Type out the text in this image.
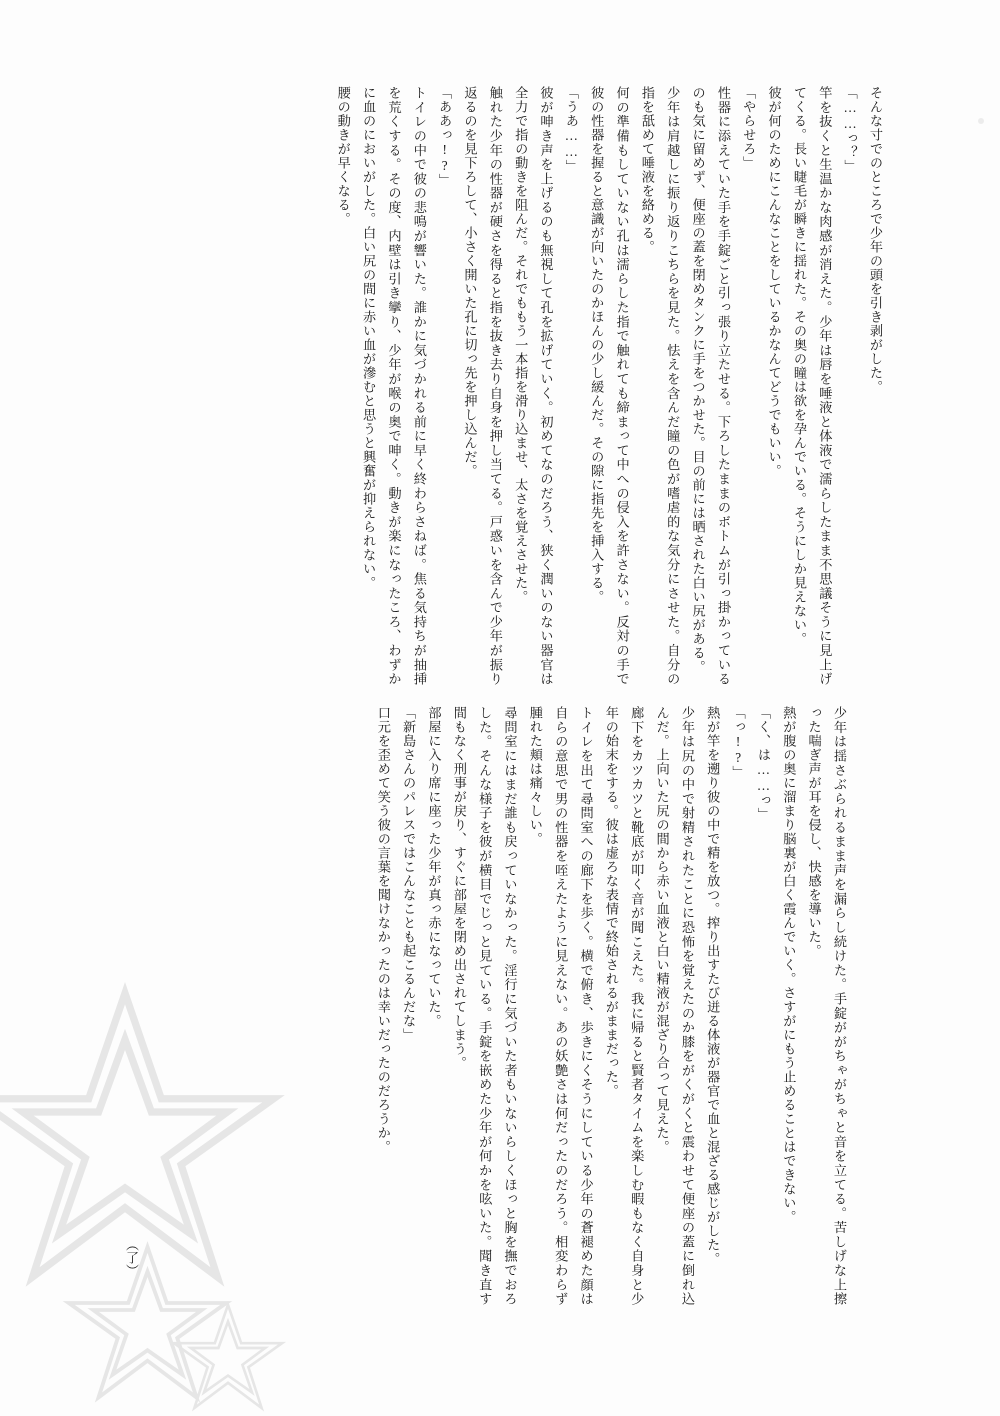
そんな寸でのところで少年の頭を引き剥がした。

「……っ？」

竿を抜くと生温かな肉感が消えた。少年は唇を唾液と体液で濡らしたまま不思議そうに見上げてくる。長い睫毛が瞬きに揺れた。その奥の瞳は欲を孕んでいる。そうにしか見えない。

彼が何のためにこんなことをしているかなんてどうでもいい。

「やらせろ」

性器に添えていた手を手錠ごと引っ張り立たせる。下ろしたままのボトムが引っ掛かっているのも気に留めず、便座の蓋を閉めタンクに手をつかせた。目の前には晒された白い尻がある。

少年は肩越しに振り返りこちらを見た。怯えを含んだ瞳の色が嗜虐的な気分にさせた。自分の指を舐めて唾液を絡める。

何の準備もしていない孔は濡らした指で触れても締まって中への侵入を許さない。反対の手で彼の性器を握ると意識が向いたのかほんの少し緩んだ。その隙に指先を挿入する。

「うあ……」

彼が呻き声を上げるのも無視して孔を拡げていく。初めてなのだろう、狭く潤いのない器官は全力で指の動きを阻んだ。それでももう一本指を滑り込ませ、太さを覚えさせた。

触れた少年の性器が硬さを得ると指を抜き去り自身を押し当てる。戸惑いを含んで少年が振り返るのを見下ろして、小さく開いた孔に切っ先を押し込んだ。

「ああっ!?」

トイレの中で彼の悲鳴が響いた。誰かに気づかれる前に早く終わらさねば。焦る気持ちが抽挿を荒くする。その度、内壁は引き攣り、少年が喉の奥で呻く。動きが楽になったころ、わずかに血のにおいがした。白い尻の間に赤い血が滲むと思うと興奮が抑えられない。

腰の動きが早くなる。

少年は揺さぶられるまま声を漏らし続けた。手錠ががちゃがちゃと音を立てる。苦しげな上擦った喘ぎ声が耳を侵し、快感を導いた。

熱が腹の奥に溜まり脳裏が白く霞んでいく。さすがにもう止めることはできない。

「く、は……っ」

「っ!?」

熱が竿を遡り彼の中で精を放つ。搾り出すたび迸る体液が器官で血と混ざる感じがした。

少年は尻の中で射精されたことに恐怖を覚えたのか膝をがくがくと震わせて便座の蓋に倒れ込んだ。上向いた尻の間から赤い血液と白い精液が混ざり合って見えた。

廊下をカツカツと靴底が叩く音が聞こえた。我に帰ると賢者タイムを楽しむ暇もなく自身と少年の始末をする。彼は虚ろな表情で終始されるがままだった。

トイレを出て尋問室への廊下を歩く。横で俯き、歩きにくそうにしている少年の蒼褪めた顔は自らの意思で男の性器を咥えたように見えない。あの妖艶さは何だったのだろう。相変わらず腫れた頬は痛々しい。

尋問室にはまだ誰も戻っていなかった。淫行に気づいた者もいないらしくほっと胸を撫でおろした。そんな様子を彼が横目でじっと見ている。手錠を嵌めた少年が何かを呟いた。聞き直す間もなく刑事が戻り、すぐに部屋を閉め出されてしまう。

部屋に入り席に座った少年が真っ赤になっていた。

「新島さんのパレスではこんなことも起こるんだな」

口元を歪めて笑う彼の言葉を聞けなかったのは幸いだったのだろうか。

（了）
